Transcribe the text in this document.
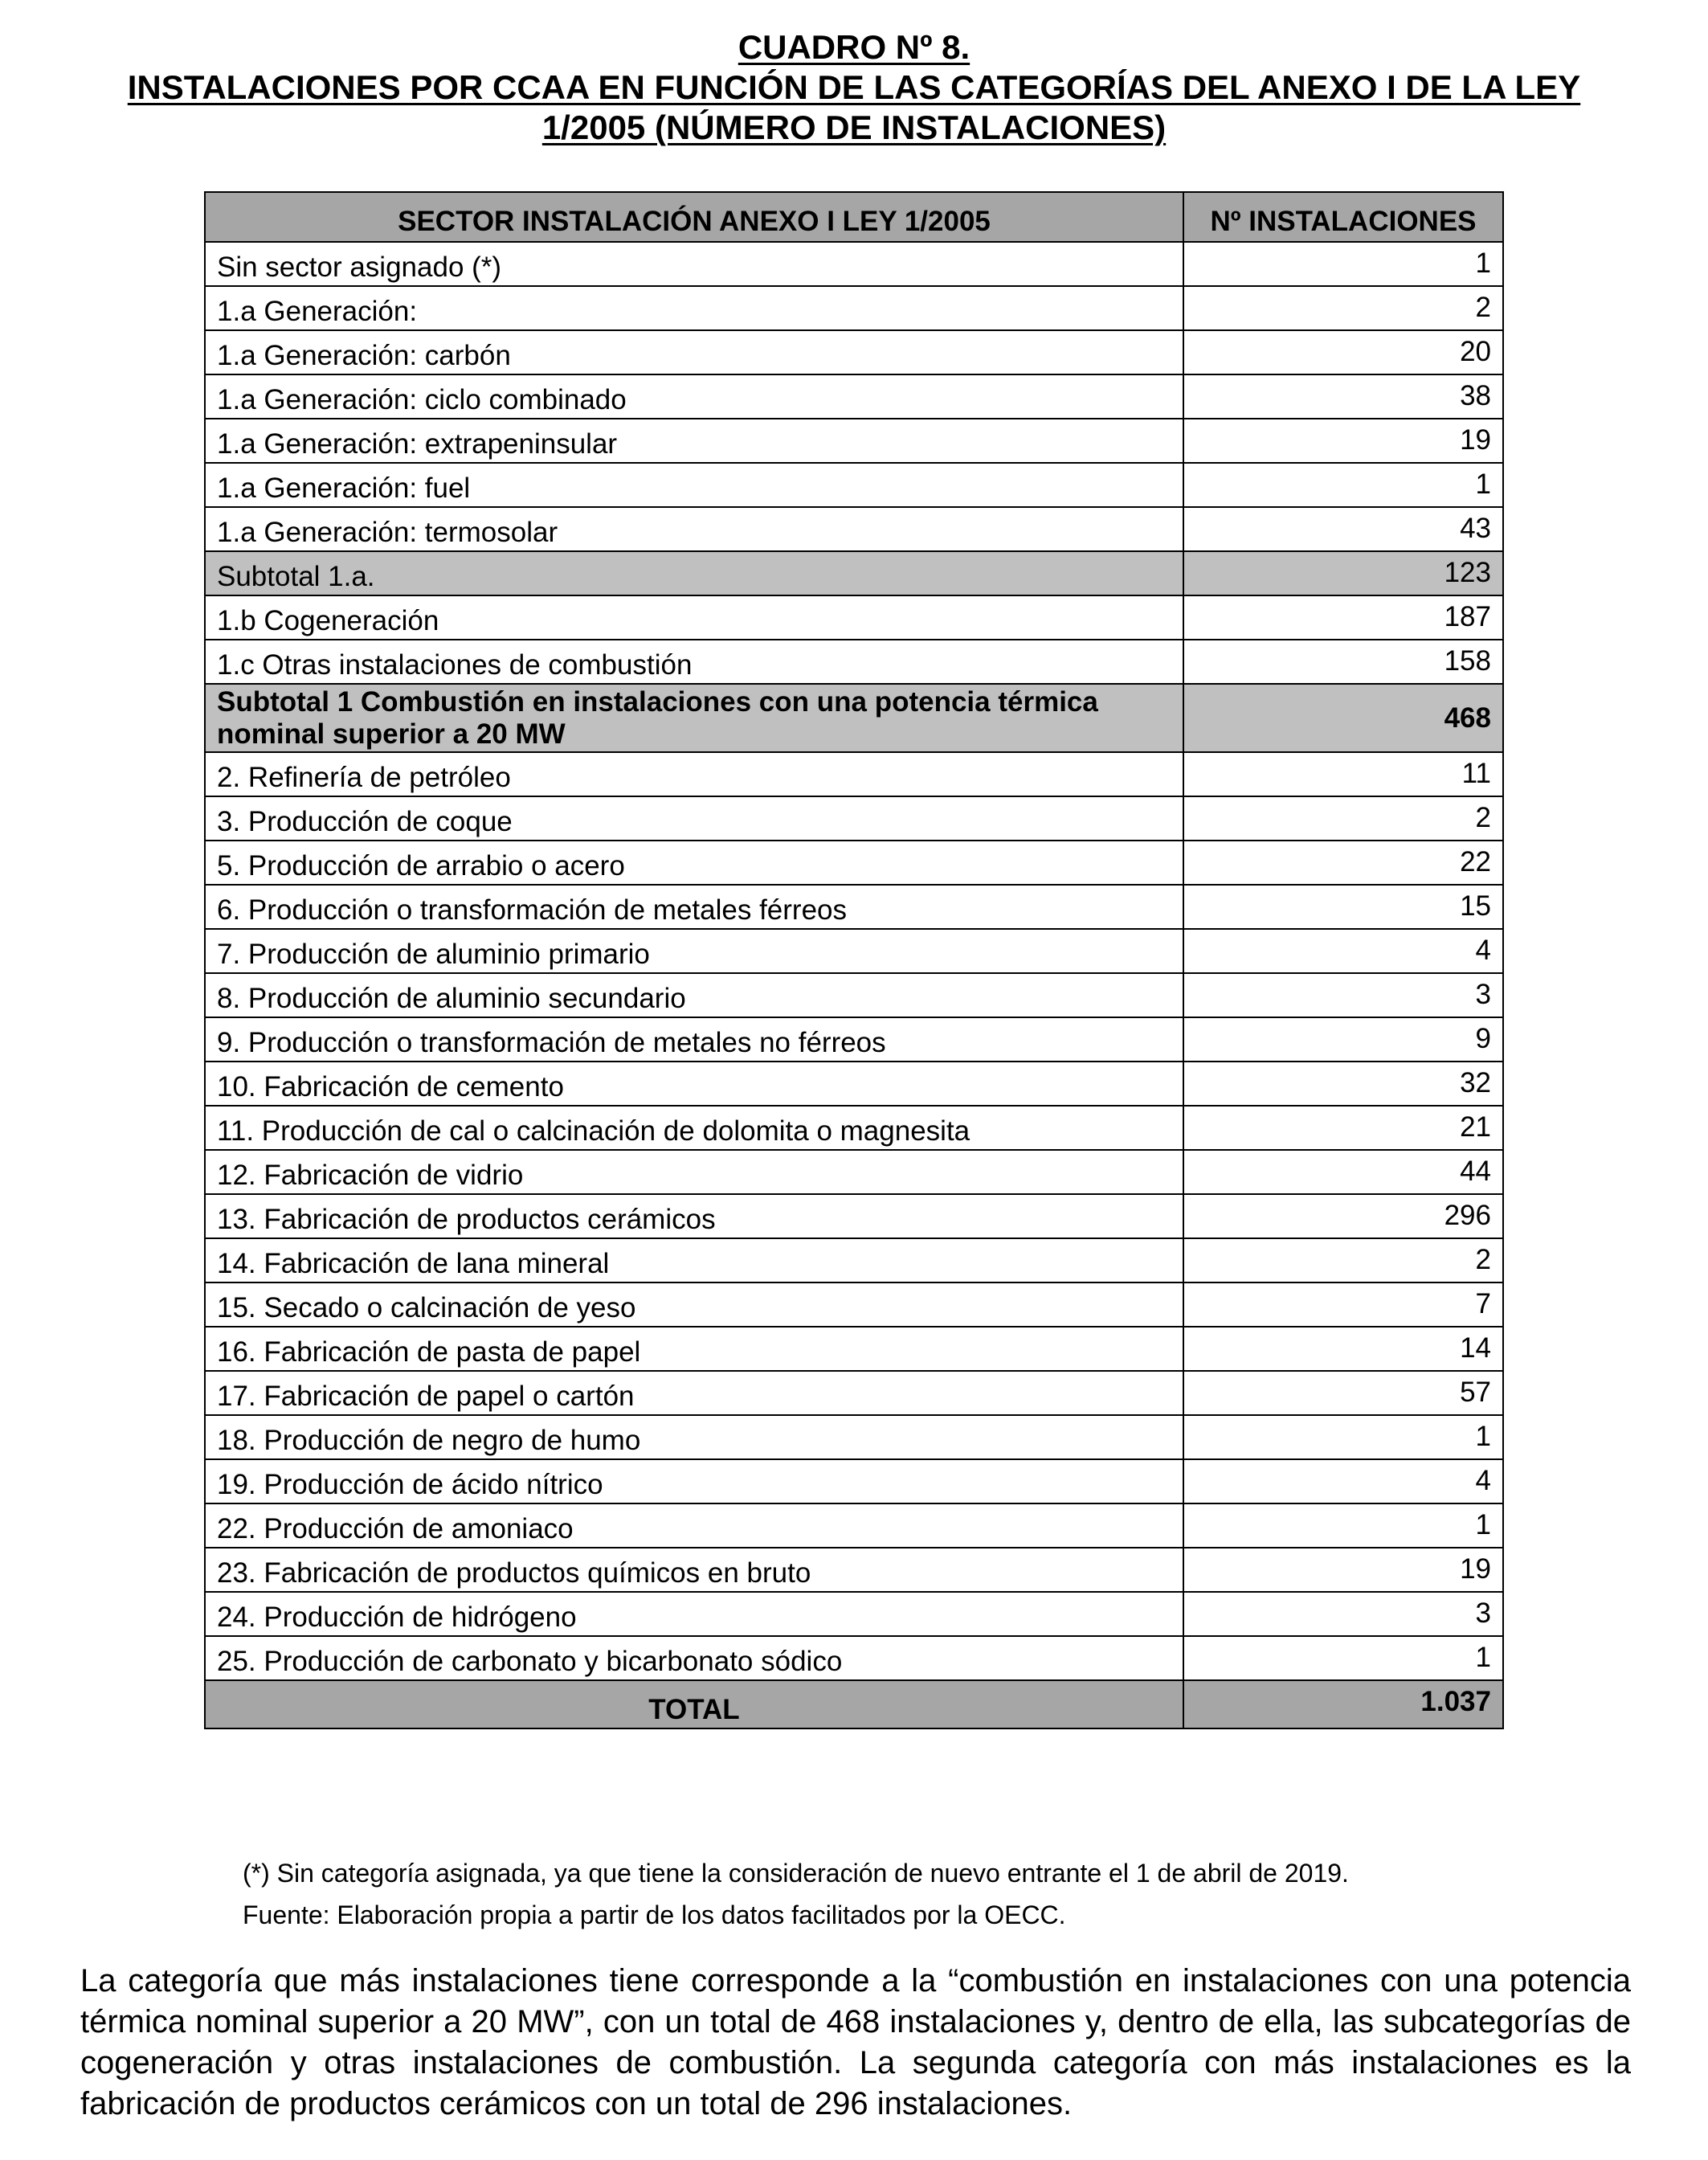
CUADRO Nº 8.
INSTALACIONES POR CCAA EN FUNCIÓN DE LAS CATEGORÍAS DEL ANEXO I DE LA LEY
1/2005 (NÚMERO DE INSTALACIONES)
SECTOR INSTALACIÓN ANEXO I LEY 1/2005	Nº INSTALACIONES
Sin sector asignado (*)	1
1.a Generación:	2
1.a Generación: carbón	20
1.a Generación: ciclo combinado	38
1.a Generación: extrapeninsular	19
1.a Generación: fuel	1
1.a Generación: termosolar	43
Subtotal 1.a.	123
1.b Cogeneración	187
1.c Otras instalaciones de combustión	158
Subtotal 1 Combustión en instalaciones con una potencia térmica nominal superior a 20 MW	468
2. Refinería de petróleo	11
3. Producción de coque	2
5. Producción de arrabio o acero	22
6. Producción o transformación de metales férreos	15
7. Producción de aluminio primario	4
8. Producción de aluminio secundario	3
9. Producción o transformación de metales no férreos	9
10. Fabricación de cemento	32
11. Producción de cal o calcinación de dolomita o magnesita	21
12. Fabricación de vidrio	44
13. Fabricación de productos cerámicos	296
14. Fabricación de lana mineral	2
15. Secado o calcinación de yeso	7
16. Fabricación de pasta de papel	14
17. Fabricación de papel o cartón	57
18. Producción de negro de humo	1
19. Producción de ácido nítrico	4
22. Producción de amoniaco	1
23. Fabricación de productos químicos en bruto	19
24. Producción de hidrógeno	3
25. Producción de carbonato y bicarbonato sódico	1
TOTAL	1.037

(*) Sin categoría asignada, ya que tiene la consideración de nuevo entrante el 1 de abril de 2019.

Fuente: Elaboración propia a partir de los datos facilitados por la OECC.

La categoría que más instalaciones tiene corresponde a la “combustión en instalaciones con una potencia térmica nominal superior a 20 MW”, con un total de 468 instalaciones y, dentro de ella, las subcategorías de cogeneración y otras instalaciones de combustión. La segunda categoría con más instalaciones es la fabricación de productos cerámicos con un total de 296 instalaciones.
